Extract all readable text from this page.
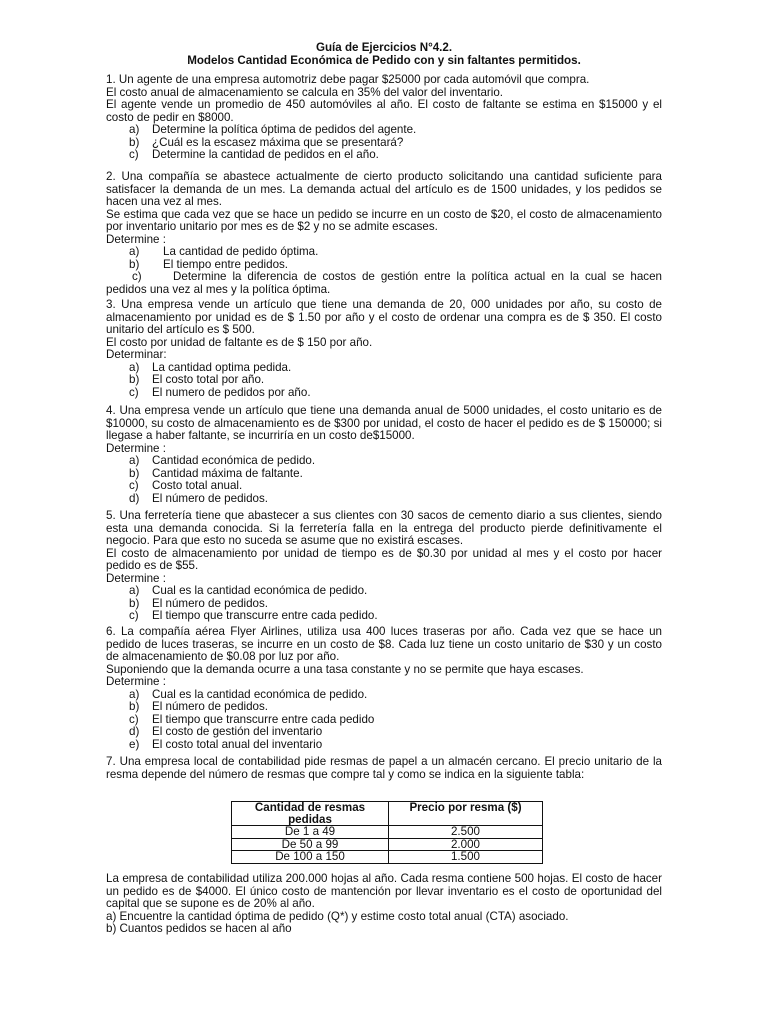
Guía de Ejercicios N°4.2.
Modelos Cantidad Económica de Pedido con y sin faltantes permitidos.

1. Un agente de una empresa automotriz debe pagar $25000 por cada automóvil que compra.

El costo anual de almacenamiento se calcula en 35% del valor del inventario.

El agente vende un promedio de 450 automóviles al año. El costo de faltante se estima en $15000 y el costo de pedir en $8000.

a)	Determine la política óptima de pedidos del agente.
b)	¿Cuál es la escasez máxima que se presentará?
c)	Determine la cantidad de pedidos en el año.

2. Una compañía se abastece actualmente de cierto producto solicitando una cantidad suficiente para satisfacer la demanda de un mes. La demanda actual del artículo es de 1500 unidades, y los pedidos se hacen una vez al mes.

Se estima que cada vez que se hace un pedido se incurre en un costo de $20, el costo de almacenamiento por inventario unitario por mes es de $2 y no se admite escases.

Determine :

a)	La cantidad de pedido óptima.
b)	El tiempo entre pedidos.
c)	Determine la diferencia de costos de gestión entre la política actual en la cual se hacen pedidos una vez al mes y la política óptima.

3. Una empresa vende un artículo que tiene una demanda de 20, 000 unidades por año, su costo de almacenamiento por unidad es de $ 1.50 por año y el costo de ordenar una compra es de $ 350. El costo unitario del artículo es $ 500.

El costo por unidad de faltante es de $ 150 por año.

Determinar:

a)	La cantidad optima pedida.
b)	El costo total por año.
c)	El numero de pedidos por año.

4. Una empresa vende un artículo que tiene una demanda anual de 5000 unidades, el costo unitario es de $10000, su costo de almacenamiento es de $300 por unidad, el costo de hacer el pedido es de $ 150000; si llegase a haber faltante, se incurriría en un costo de$15000.

Determine :

a)	Cantidad económica de pedido.
b)	Cantidad máxima de faltante.
c)	Costo total anual.
d)	El número de pedidos.

5. Una ferretería tiene que abastecer a sus clientes con 30 sacos de cemento diario a sus clientes, siendo esta una demanda conocida. Si la ferretería falla en la entrega del producto pierde definitivamente el negocio. Para que esto no suceda se asume que no existirá escases.

El costo de almacenamiento por unidad de tiempo es de $0.30 por unidad al mes y el costo por hacer pedido es de $55.

Determine :

a)	Cual es la cantidad económica de pedido.
b)	El número de pedidos.
c)	El tiempo que transcurre entre cada pedido.

6. La compañía aérea Flyer Airlines, utiliza usa 400 luces traseras por año. Cada vez que se hace un pedido de luces traseras, se incurre en un costo de $8. Cada luz tiene un costo unitario de $30 y un costo de almacenamiento de $0.08 por luz por año.

Suponiendo que la demanda ocurre a una tasa constante y no se permite que haya escases.

Determine :

a)	Cual es la cantidad económica de pedido.
b)	El número de pedidos.
c)	El tiempo que transcurre entre cada pedido
d)	El costo de gestión del inventario
e)	El costo total anual del inventario

7. Una empresa local de contabilidad pide resmas de papel a un almacén cercano. El precio unitario de la resma depende del número de resmas que compre tal y como se indica en la siguiente tabla:

Cantidad de resmas pedidas	Precio por resma ($)
De 1 a 49	2.500
De 50 a 99	2.000
De 100 a 150	1.500

La empresa de contabilidad utiliza 200.000 hojas al año. Cada resma contiene 500 hojas. El costo de hacer un pedido es de $4000. El único costo de mantención por llevar inventario es el costo de oportunidad del capital que se supone es de 20% al año.

a) Encuentre la cantidad óptima de pedido (Q*) y estime costo total anual (CTA) asociado.

b) Cuantos pedidos se hacen al año
